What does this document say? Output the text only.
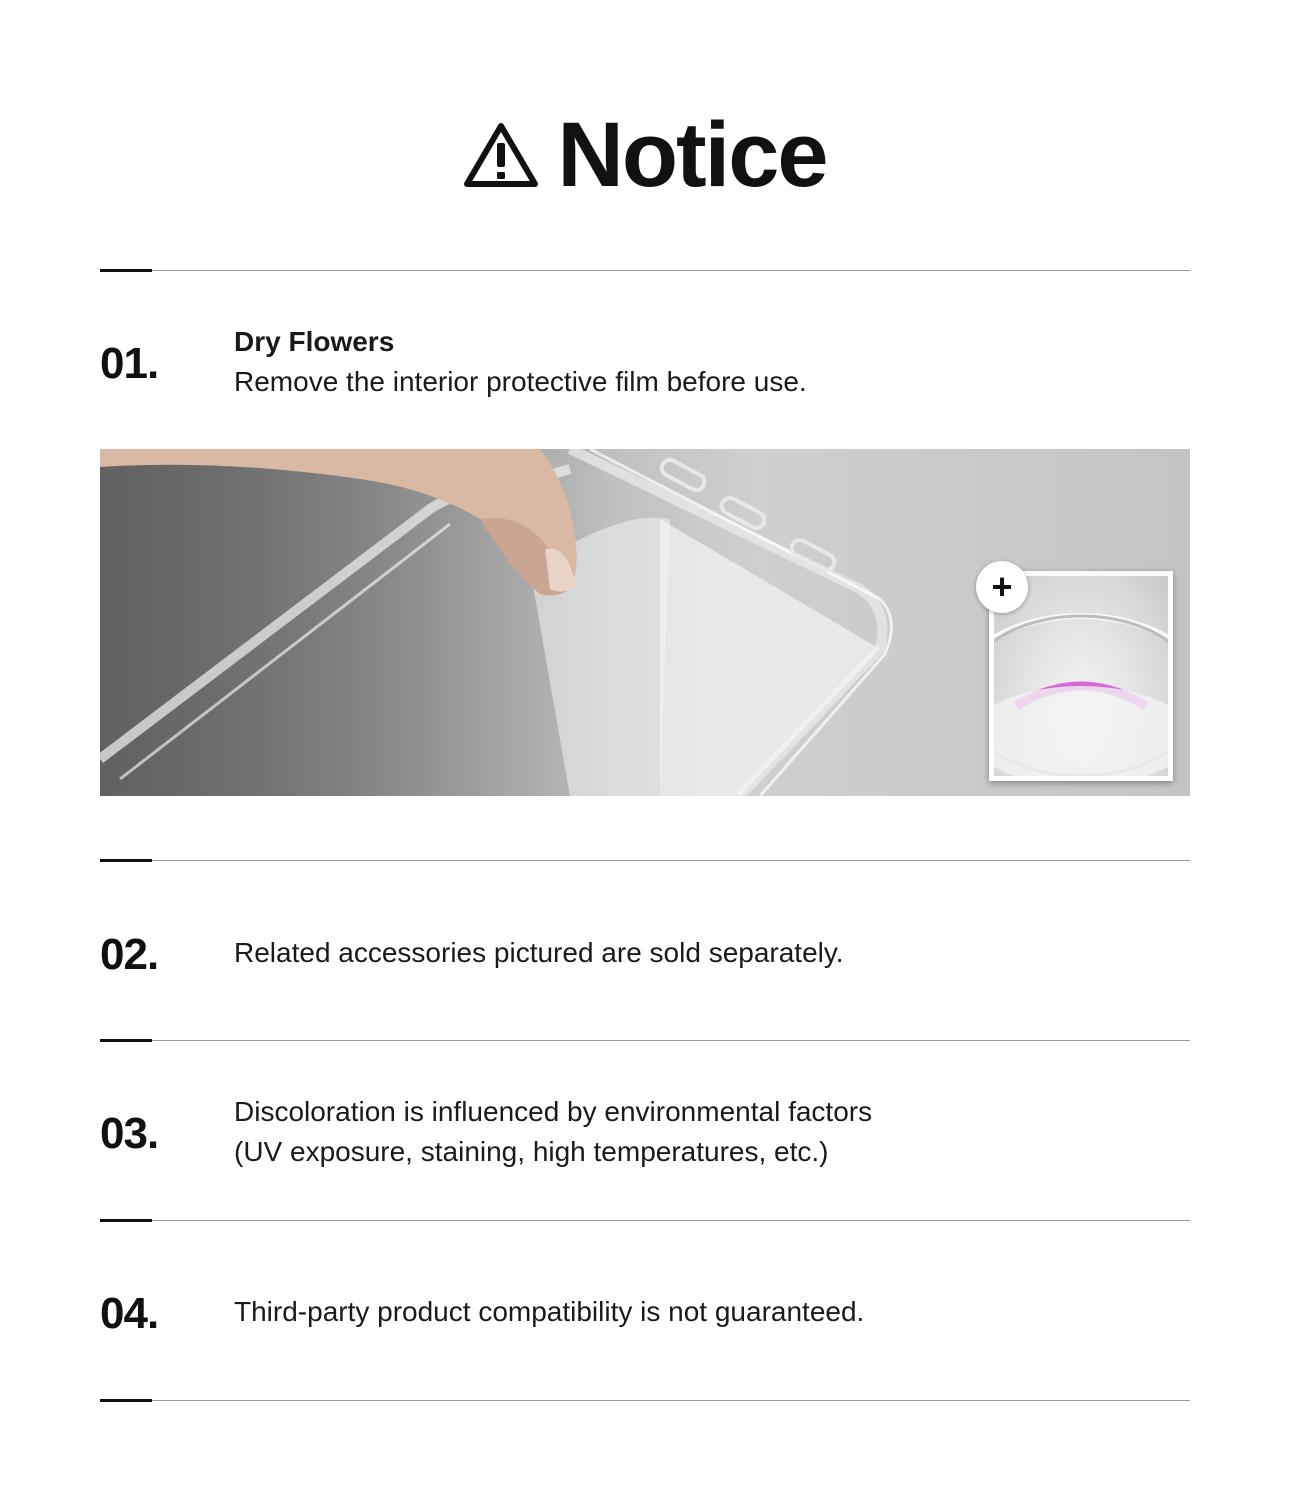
Notice
01.	Dry Flowers
Remove the interior protective film before use.
+
02.	Related accessories pictured are sold separately.
03.	Discoloration is influenced by environmental factors
(UV exposure, staining, high temperatures, etc.)
04.	Third-party product compatibility is not guaranteed.
